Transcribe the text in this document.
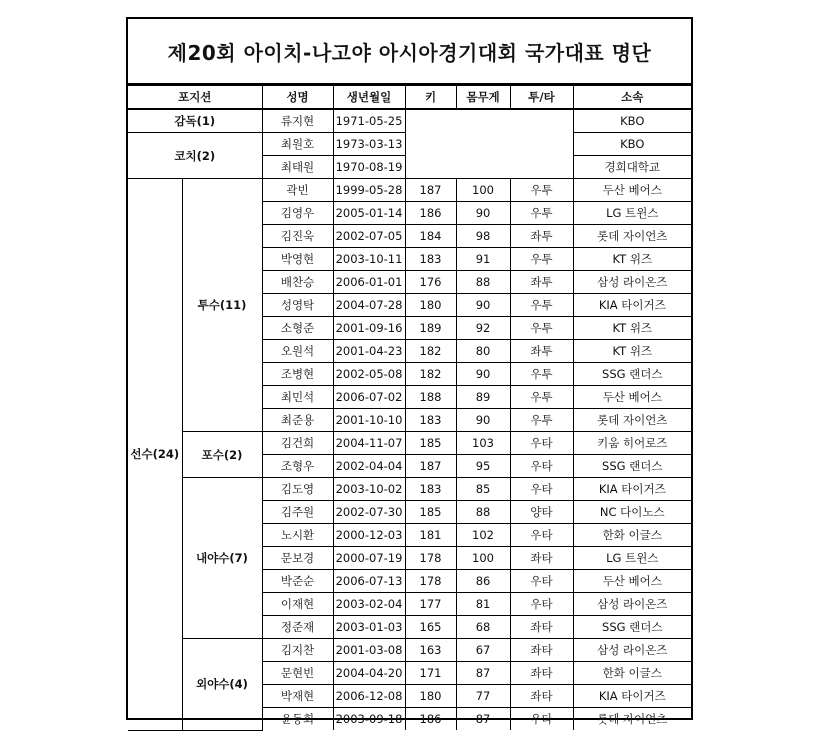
제20회 아이치-나고야 아시아경기대회 국가대표 명단
포지션		성명	생년월일	키	몸무게	투/타	소속
감독(1)		류지현	1971-05-25				KBO
코치(2)		최원호	1973-03-13				KBO
		최태원	1970-08-19				경희대학교
선수(24)	투수(11)	곽빈	1999-05-28	187	100	우투	두산 베어스
		김영우	2005-01-14	186	90	우투	LG 트윈스
		김진욱	2002-07-05	184	98	좌투	롯데 자이언츠
		박영현	2003-10-11	183	91	우투	KT 위즈
		배찬승	2006-01-01	176	88	좌투	삼성 라이온즈
		성영탁	2004-07-28	180	90	우투	KIA 타이거즈
		소형준	2001-09-16	189	92	우투	KT 위즈
		오원석	2001-04-23	182	80	좌투	KT 위즈
		조병현	2002-05-08	182	90	우투	SSG 랜더스
		최민석	2006-07-02	188	89	우투	두산 베어스
		최준용	2001-10-10	183	90	우투	롯데 자이언츠
	포수(2)	김건희	2004-11-07	185	103	우타	키움 히어로즈
		조형우	2002-04-04	187	95	우타	SSG 랜더스
	내야수(7)	김도영	2003-10-02	183	85	우타	KIA 타이거즈
		김주원	2002-07-30	185	88	양타	NC 다이노스
		노시환	2000-12-03	181	102	우타	한화 이글스
		문보경	2000-07-19	178	100	좌타	LG 트윈스
		박준순	2006-07-13	178	86	우타	두산 베어스
		이재현	2003-02-04	177	81	우타	삼성 라이온즈
		정준재	2003-01-03	165	68	좌타	SSG 랜더스
	외야수(4)	김지찬	2001-03-08	163	67	좌타	삼성 라이온즈
		문현빈	2004-04-20	171	87	좌타	한화 이글스
		박재현	2006-12-08	180	77	좌타	KIA 타이거즈
		윤동희	2003-09-18	186	87	우타	롯데 자이언츠
